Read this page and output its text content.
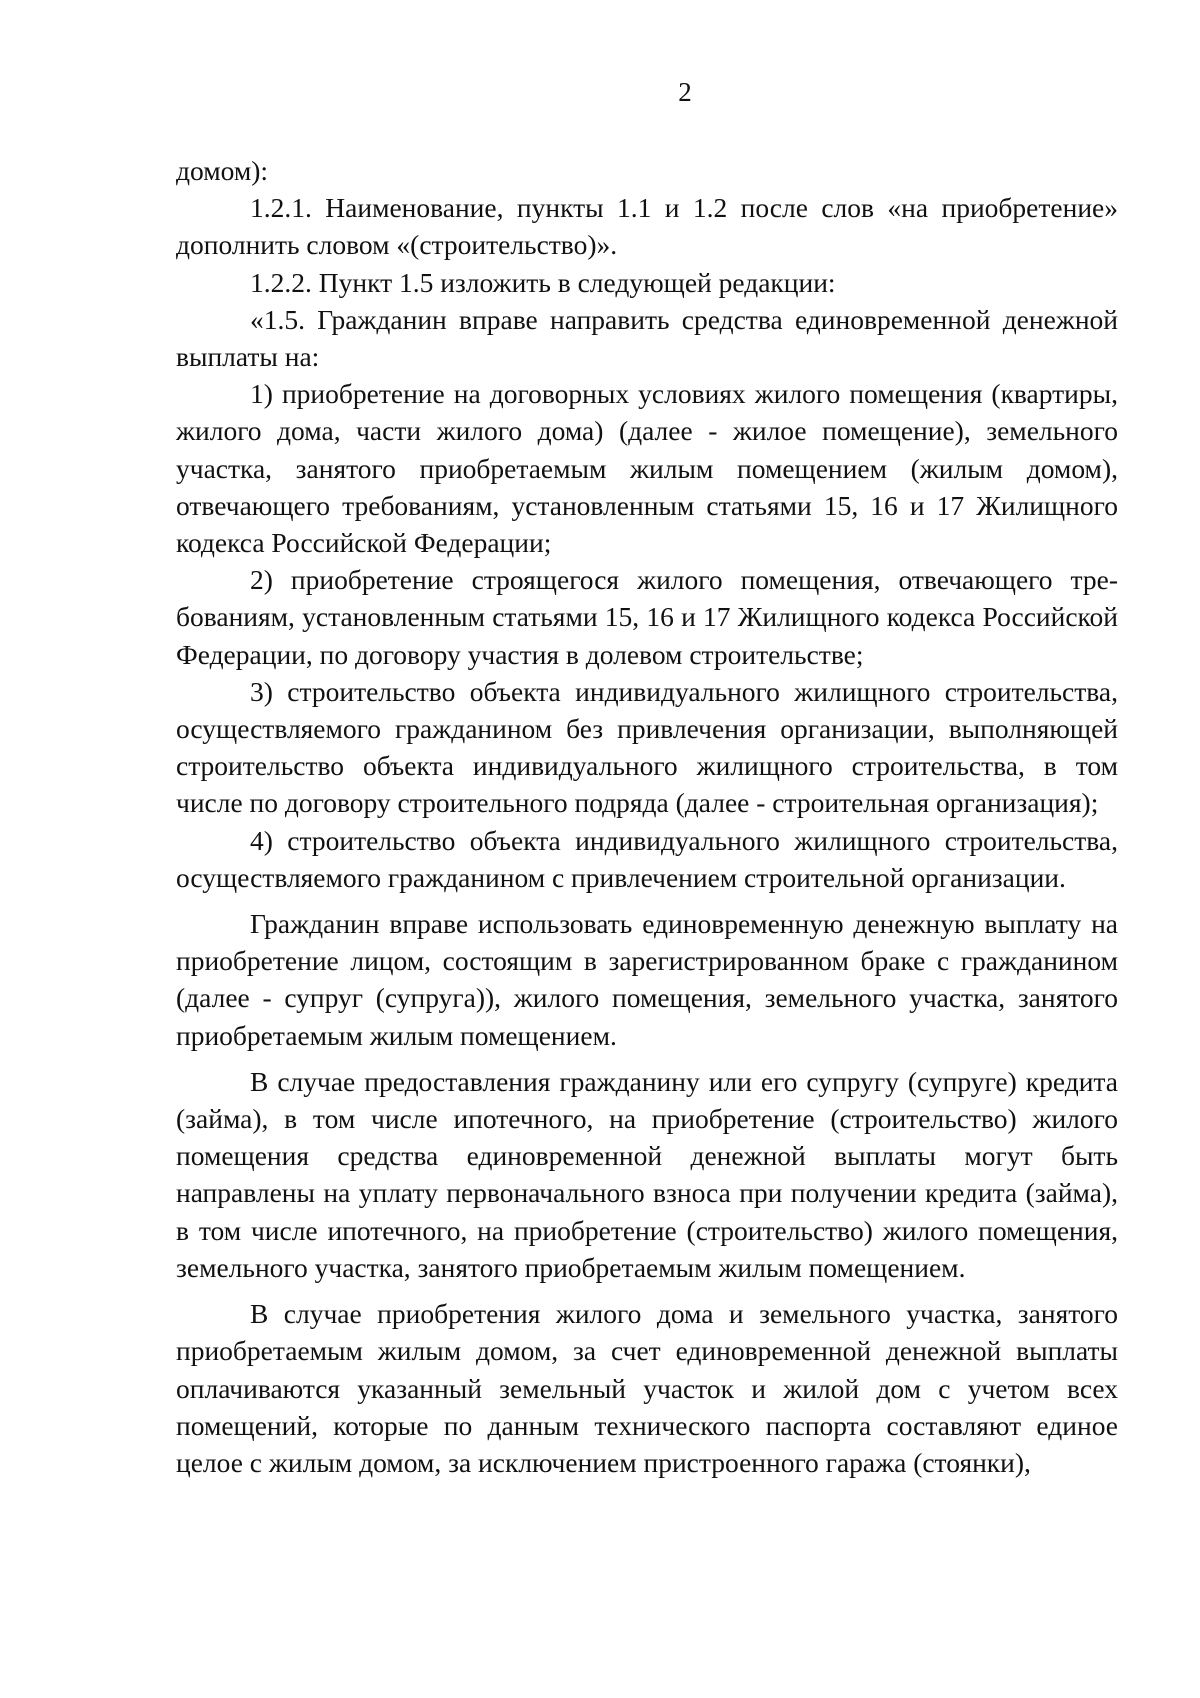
2

домом):

1.2.1. Наименование, пункты 1.1 и 1.2 после слов «на приобретение» дополнить словом «(строительство)».

1.2.2. Пункт 1.5 изложить в следующей редакции:

«1.5. Гражданин вправе направить средства единовременной денежной выплаты на:

1) приобретение на договорных условиях жилого помещения (квартиры, жилого дома, части жилого дома) (далее - жилое помещение), земельного участка, занятого приобретаемым жилым помещением (жилым домом), отвечающего требованиям, установленным статьями 15, 16 и 17 Жилищного кодекса Российской Федерации;

2) приобретение строящегося жилого помещения, отвечающего требованиям, установленным статьями 15, 16 и 17 Жилищного кодекса Российской Федерации, по договору участия в долевом строительстве;

3) строительство объекта индивидуального жилищного строительства, осуществляемого гражданином без привлечения организации, выполняющей строительство объекта индивидуального жилищного строительства, в том числе по договору строительного подряда (далее - строительная организация);

4) строительство объекта индивидуального жилищного строительства, осуществляемого гражданином с привлечением строительной организации.

Гражданин вправе использовать единовременную денежную выплату на приобретение лицом, состоящим в зарегистрированном браке с гражданином (далее - супруг (супруга)), жилого помещения, земельного участка, занятого приобретаемым жилым помещением.

В случае предоставления гражданину или его супругу (супруге) кредита (займа), в том числе ипотечного, на приобретение (строительство) жилого помещения средства единовременной денежной выплаты могут быть направлены на уплату первоначального взноса при получении кредита (займа), в том числе ипотечного, на приобретение (строительство) жилого помещения, земельного участка, занятого приобретаемым жилым помещением.

В случае приобретения жилого дома и земельного участка, занятого приобретаемым жилым домом, за счет единовременной денежной выплаты оплачиваются указанный земельный участок и жилой дом с учетом всех помещений, которые по данным технического паспорта составляют единое целое с жилым домом, за исключением пристроенного гаража (стоянки),
